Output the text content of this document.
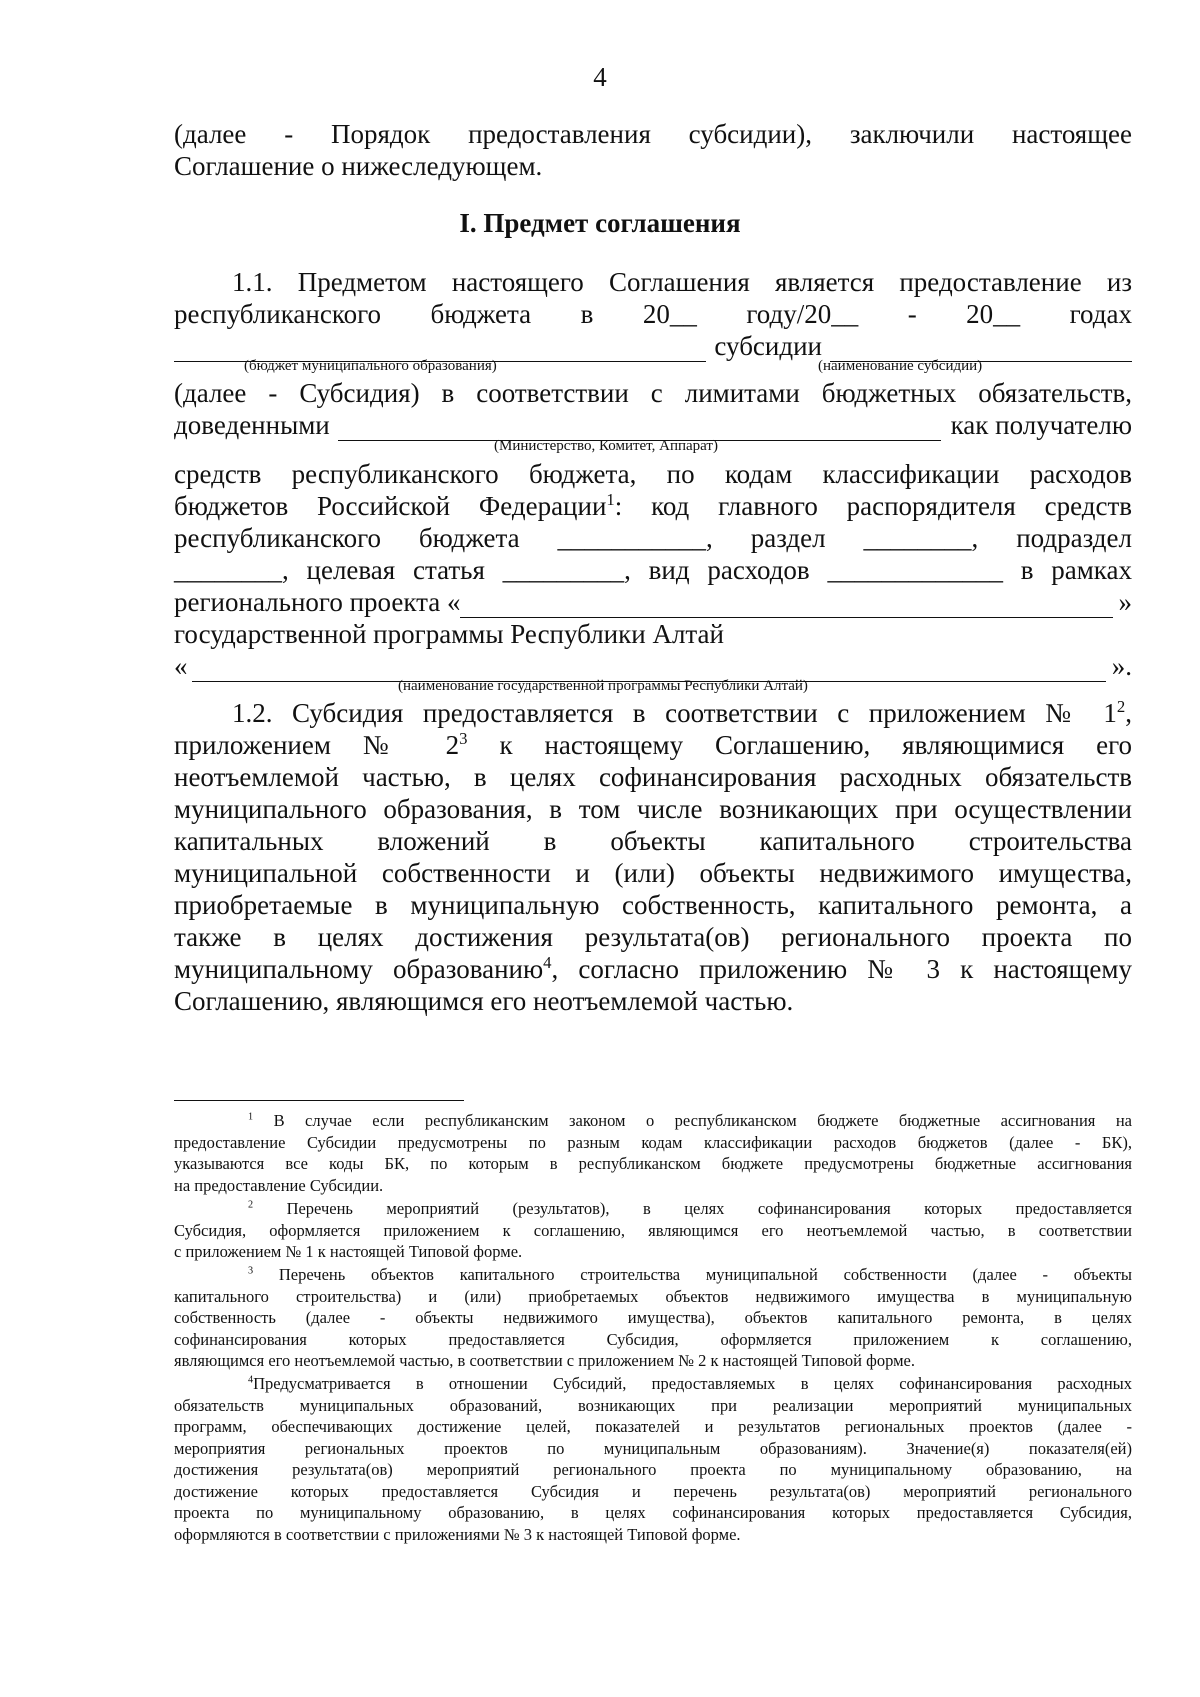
4
(далее - Порядок предоставления субсидии), заключили настоящее
Соглашение о нижеследующем.
I. Предмет соглашения
1.1. Предметом настоящего Соглашения является предоставление из
республиканского бюджета в 20__ году/20__ - 20__ годах
субсидии
(бюджет муниципального образования)	(наименование субсидии)
(далее - Субсидия) в соответствии с лимитами бюджетных обязательств,
доведенными	как получателю
(Министерство, Комитет, Аппарат)
средств республиканского бюджета, по кодам классификации расходов
бюджетов Российской Федерации$^1$: код главного распорядителя средств
республиканского бюджета ___________, раздел ________, подраздел
________, целевая статья _________, вид расходов _____________ в рамках
регионального проекта «	»
государственной программы Республики Алтай
«	».
(наименование государственной программы Республики Алтай)
1.2. Субсидия предоставляется в соответствии с приложением № $1^2$,
приложением № $2^3$ к настоящему Соглашению, являющимися его
неотъемлемой частью, в целях софинансирования расходных обязательств
муниципального образования, в том числе возникающих при осуществлении
капитальных вложений в объекты капитального строительства
муниципальной собственности и (или) объекты недвижимого имущества,
приобретаемые в муниципальную собственность, капитального ремонта, а
также в целях достижения результата(ов) регионального проекта по
муниципальному образованию$^4$, согласно приложению № 3 к настоящему
Соглашению, являющимся его неотъемлемой частью.
$^1$ В случае если республиканским законом о республиканском бюджете бюджетные ассигнования на
предоставление Субсидии предусмотрены по разным кодам классификации расходов бюджетов (далее - БК),
указываются все коды БК, по которым в республиканском бюджете предусмотрены бюджетные ассигнования
на предоставление Субсидии.
$^2$ Перечень мероприятий (результатов), в целях софинансирования которых предоставляется
Субсидия, оформляется приложением к соглашению, являющимся его неотъемлемой частью, в соответствии
с приложением № 1 к настоящей Типовой форме.
$^3$ Перечень объектов капитального строительства муниципальной собственности (далее - объекты
капитального строительства) и (или) приобретаемых объектов недвижимого имущества в муниципальную
собственность (далее - объекты недвижимого имущества), объектов капитального ремонта, в целях
софинансирования которых предоставляется Субсидия, оформляется приложением к соглашению,
являющимся его неотъемлемой частью, в соответствии с приложением № 2 к настоящей Типовой форме.
$^4$Предусматривается в отношении Субсидий, предоставляемых в целях софинансирования расходных
обязательств муниципальных образований, возникающих при реализации мероприятий муниципальных
программ, обеспечивающих достижение целей, показателей и результатов региональных проектов (далее -
мероприятия региональных проектов по муниципальным образованиям). Значение(я) показателя(ей)
достижения результата(ов) мероприятий регионального проекта по муниципальному образованию, на
достижение которых предоставляется Субсидия и перечень результата(ов) мероприятий регионального
проекта по муниципальному образованию, в целях софинансирования которых предоставляется Субсидия,
оформляются в соответствии с приложениями № 3 к настоящей Типовой форме.
